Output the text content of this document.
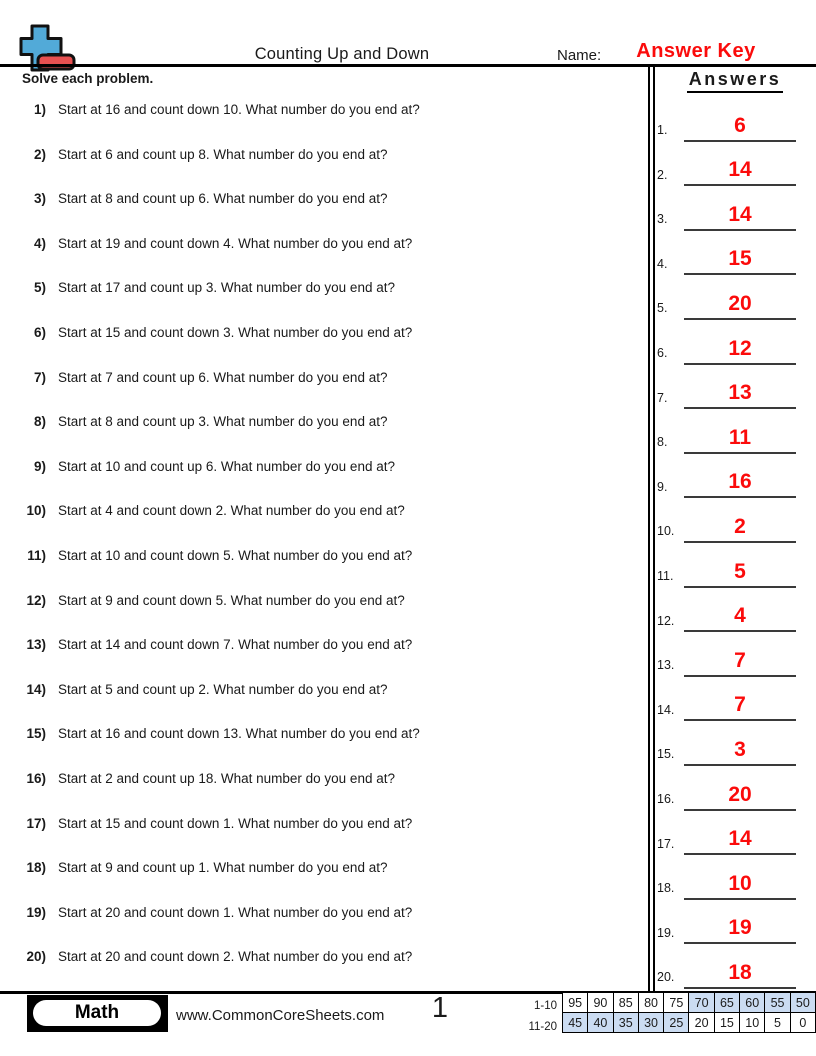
Counting Up and Down	Name:	Answer Key
Solve each problem.	Answers
1) Start at 16 and count down 10. What number do you end at?
2) Start at 6 and count up 8. What number do you end at?
3) Start at 8 and count up 6. What number do you end at?
4) Start at 19 and count down 4. What number do you end at?
5) Start at 17 and count up 3. What number do you end at?
6) Start at 15 and count down 3. What number do you end at?
7) Start at 7 and count up 6. What number do you end at?
8) Start at 8 and count up 3. What number do you end at?
9) Start at 10 and count up 6. What number do you end at?
10) Start at 4 and count down 2. What number do you end at?
11) Start at 10 and count down 5. What number do you end at?
12) Start at 9 and count down 5. What number do you end at?
13) Start at 14 and count down 7. What number do you end at?
14) Start at 5 and count up 2. What number do you end at?
15) Start at 16 and count down 13. What number do you end at?
16) Start at 2 and count up 18. What number do you end at?
17) Start at 15 and count down 1. What number do you end at?
18) Start at 9 and count up 1. What number do you end at?
19) Start at 20 and count down 1. What number do you end at?
20) Start at 20 and count down 2. What number do you end at?
1.	6
2.	14
3.	14
4.	15
5.	20
6.	12
7.	13
8.	11
9.	16
10.	2
11.	5
12.	4
13.	7
14.	7
15.	3
16.	20
17.	14
18.	10
19.	19
20.	18
Math	www.CommonCoreSheets.com	1	1-10
11-20
95	90	85	80	75	70	65	60	55	50
45	40	35	30	25	20	15	10	5	0
